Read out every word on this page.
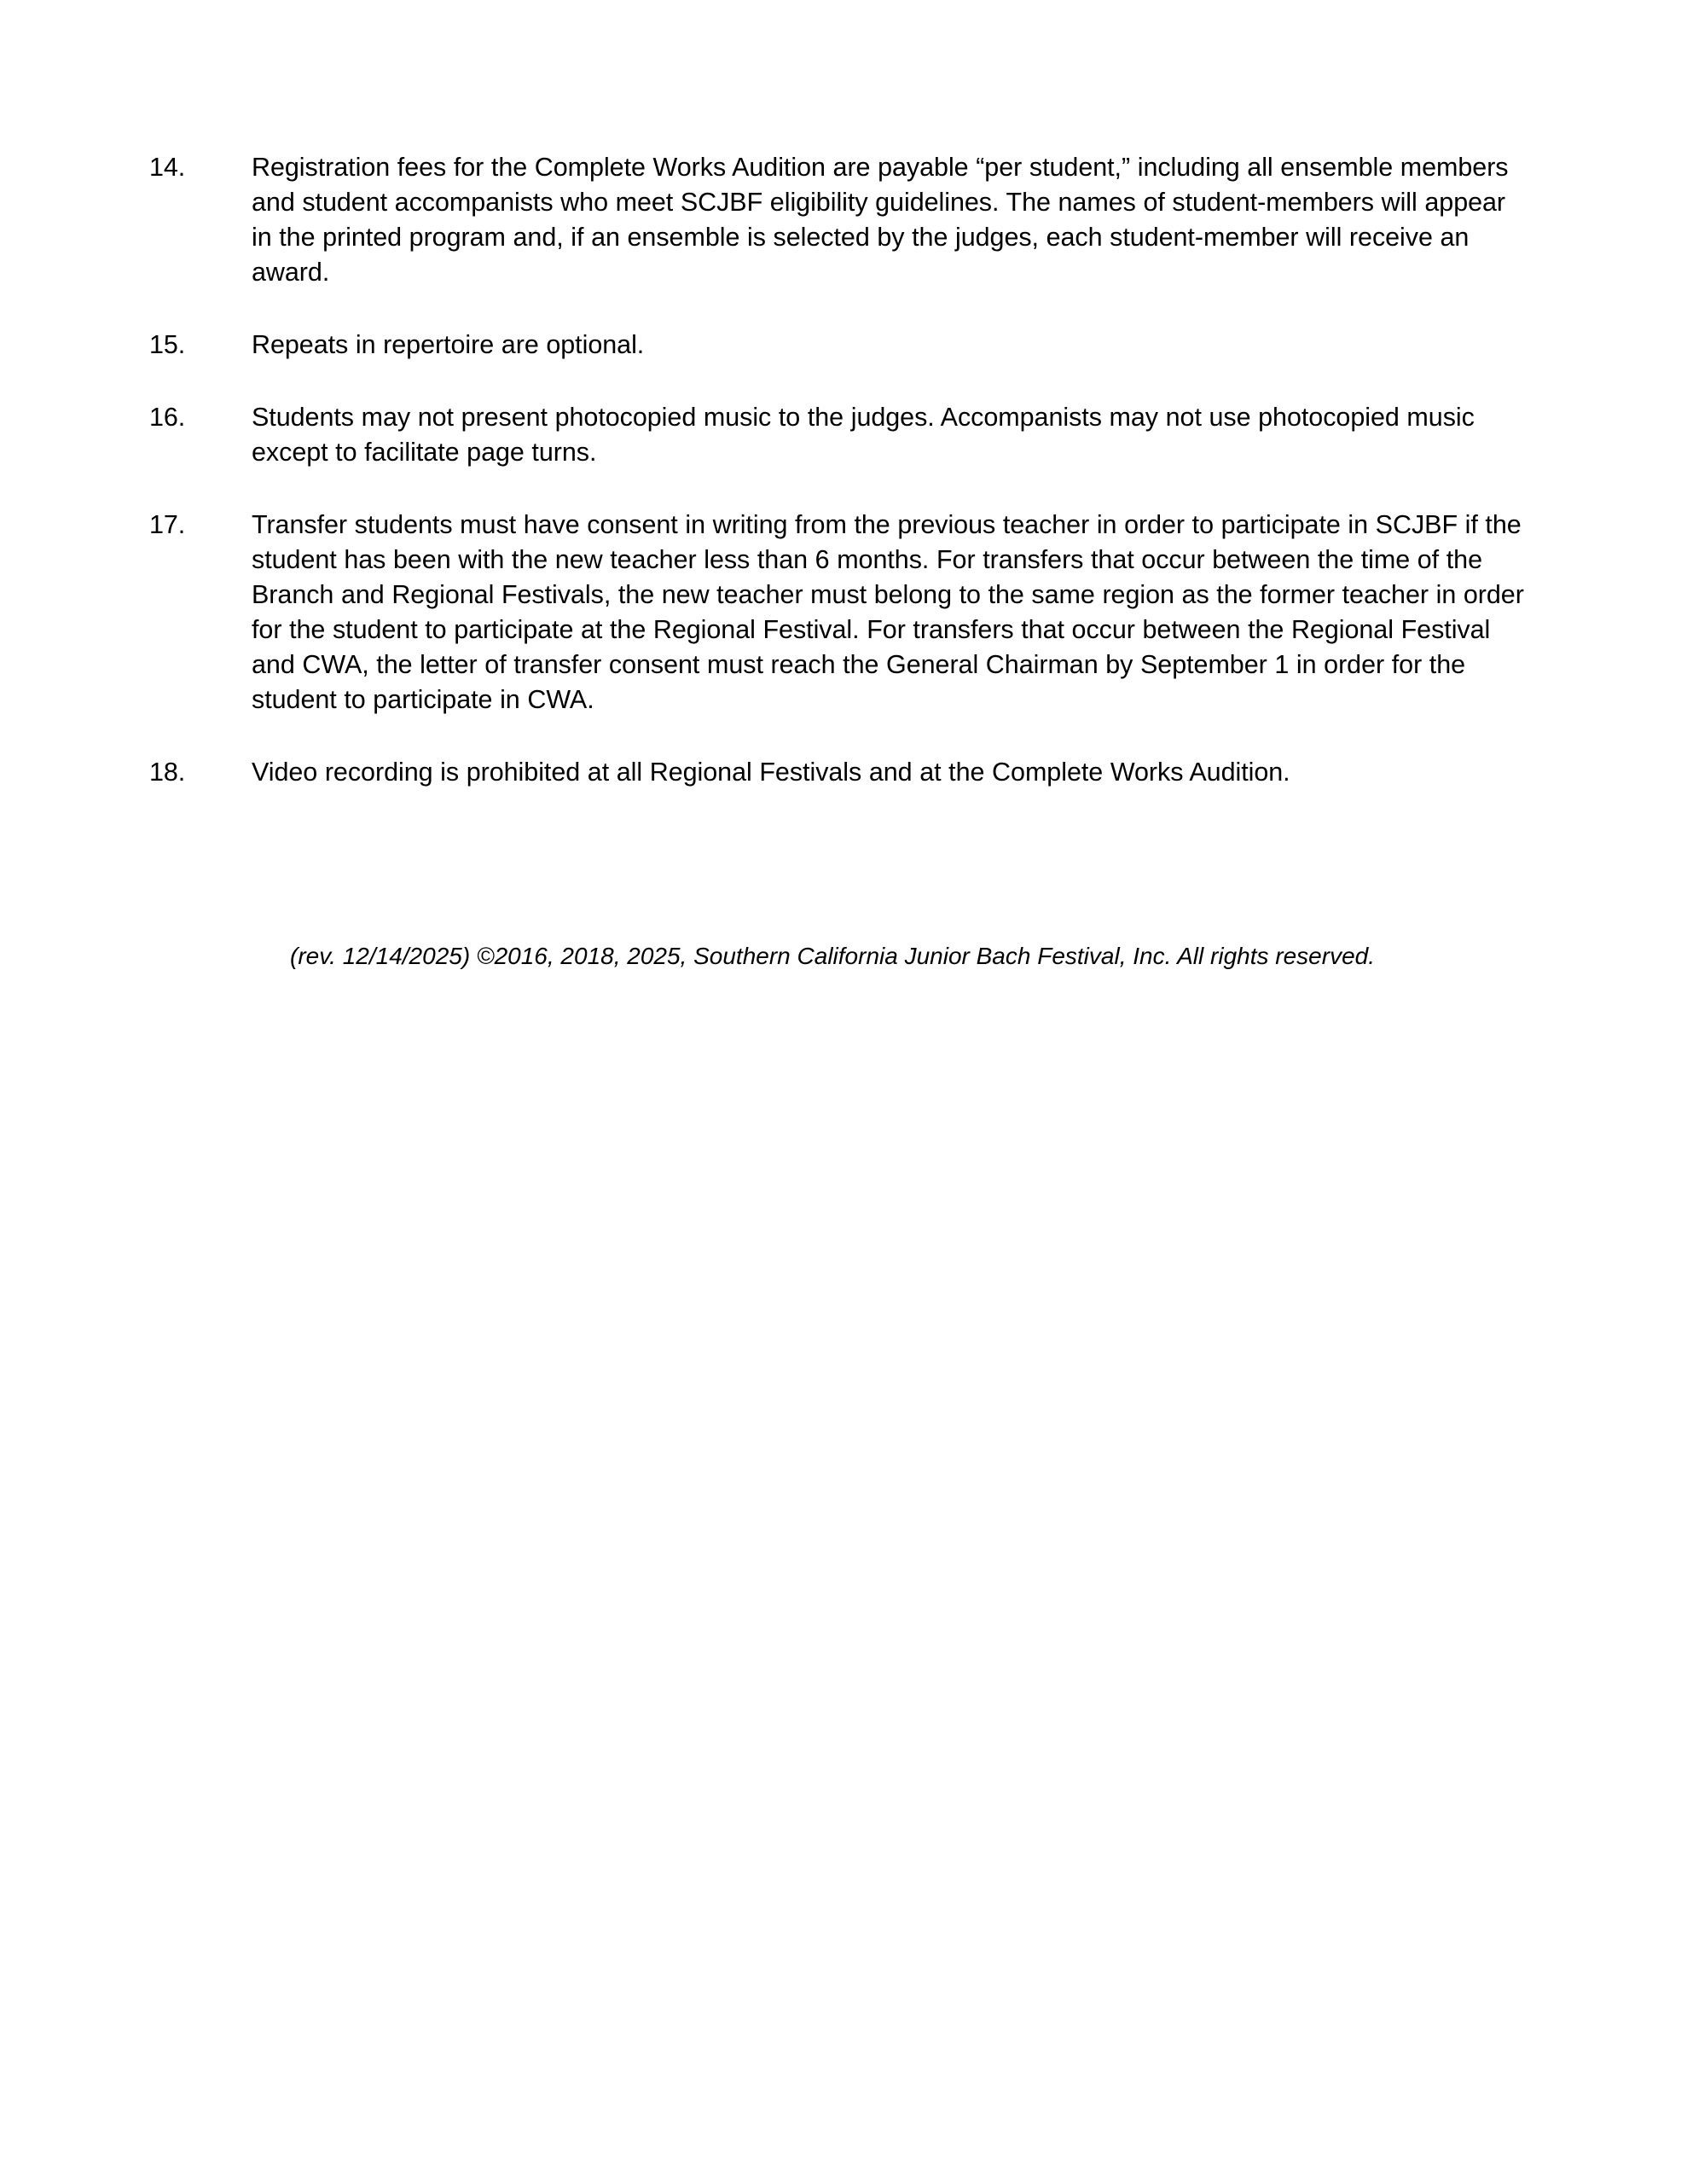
14.	Registration fees for the Complete Works Audition are payable “per student,” including all ensemble members and student accompanists who meet SCJBF eligibility guidelines. The names of student-members will appear in the printed program and, if an ensemble is selected by the judges, each student-member will receive an award.
15.	Repeats in repertoire are optional.
16.	Students may not present photocopied music to the judges. Accompanists may not use photocopied music except to facilitate page turns.
17.	Transfer students must have consent in writing from the previous teacher in order to participate in SCJBF if the student has been with the new teacher less than 6 months. For transfers that occur between the time of the Branch and Regional Festivals, the new teacher must belong to the same region as the former teacher in order for the student to participate at the Regional Festival. For transfers that occur between the Regional Festival and CWA, the letter of transfer consent must reach the General Chairman by September 1 in order for the student to participate in CWA.
18.	Video recording is prohibited at all Regional Festivals and at the Complete Works Audition.
(rev. 12/14/2025) ©2016, 2018, 2025, Southern California Junior Bach Festival, Inc. All rights reserved.
